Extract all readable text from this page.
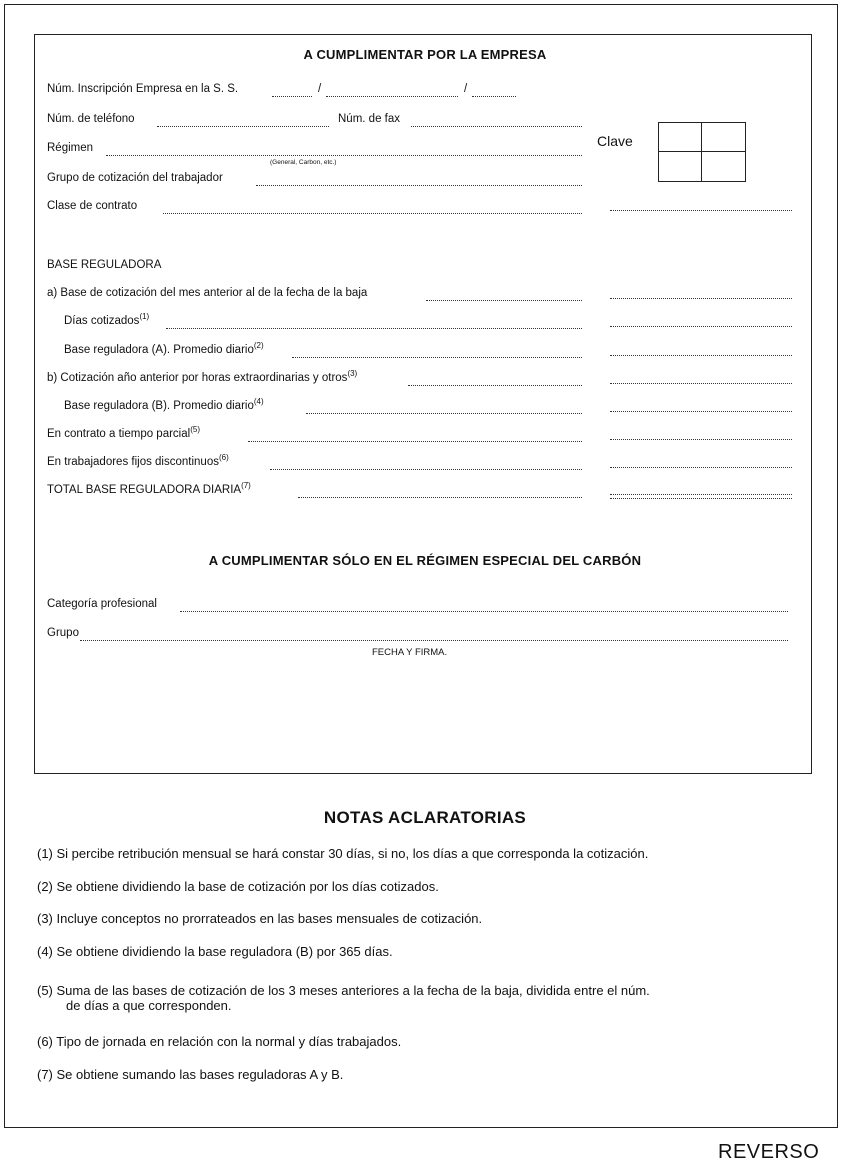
A CUMPLIMENTAR POR LA EMPRESA
Núm. Inscripción Empresa en la S. S.	/	/
Núm. de teléfono	Núm. de fax
Régimen
(General, Carbon, etc.)
Clave
Grupo de cotización del trabajador
Clase de contrato
BASE REGULADORA
a) Base de cotización del mes anterior al de la fecha de la baja
Días cotizados$^{(1)}$
Base reguladora (A). Promedio diario$^{(2)}$
b) Cotización año anterior por horas extraordinarias y otros$^{(3)}$
Base reguladora (B). Promedio diario$^{(4)}$
En contrato a tiempo parcial$^{(5)}$
En trabajadores fijos discontinuos$^{(6)}$
TOTAL BASE REGULADORA DIARIA$^{(7)}$
A CUMPLIMENTAR SÓLO EN EL RÉGIMEN ESPECIAL DEL CARBÓN
Categoría profesional
Grupo
FECHA Y FIRMA.
NOTAS ACLARATORIAS
(1) Si percibe retribución mensual se hará constar 30 días, si no, los días a que corresponda la cotización.
(2) Se obtiene dividiendo la base de cotización por los días cotizados.
(3) Incluye conceptos no prorrateados en las bases mensuales de cotización.
(4) Se obtiene dividiendo la base reguladora (B) por 365 días.
(5) Suma de las bases de cotización de los 3 meses anteriores a la fecha de la baja, dividida entre el núm.
de días a que corresponden.
(6) Tipo de jornada en relación con la normal y días trabajados.
(7) Se obtiene sumando las bases reguladoras A y B.
REVERSO
